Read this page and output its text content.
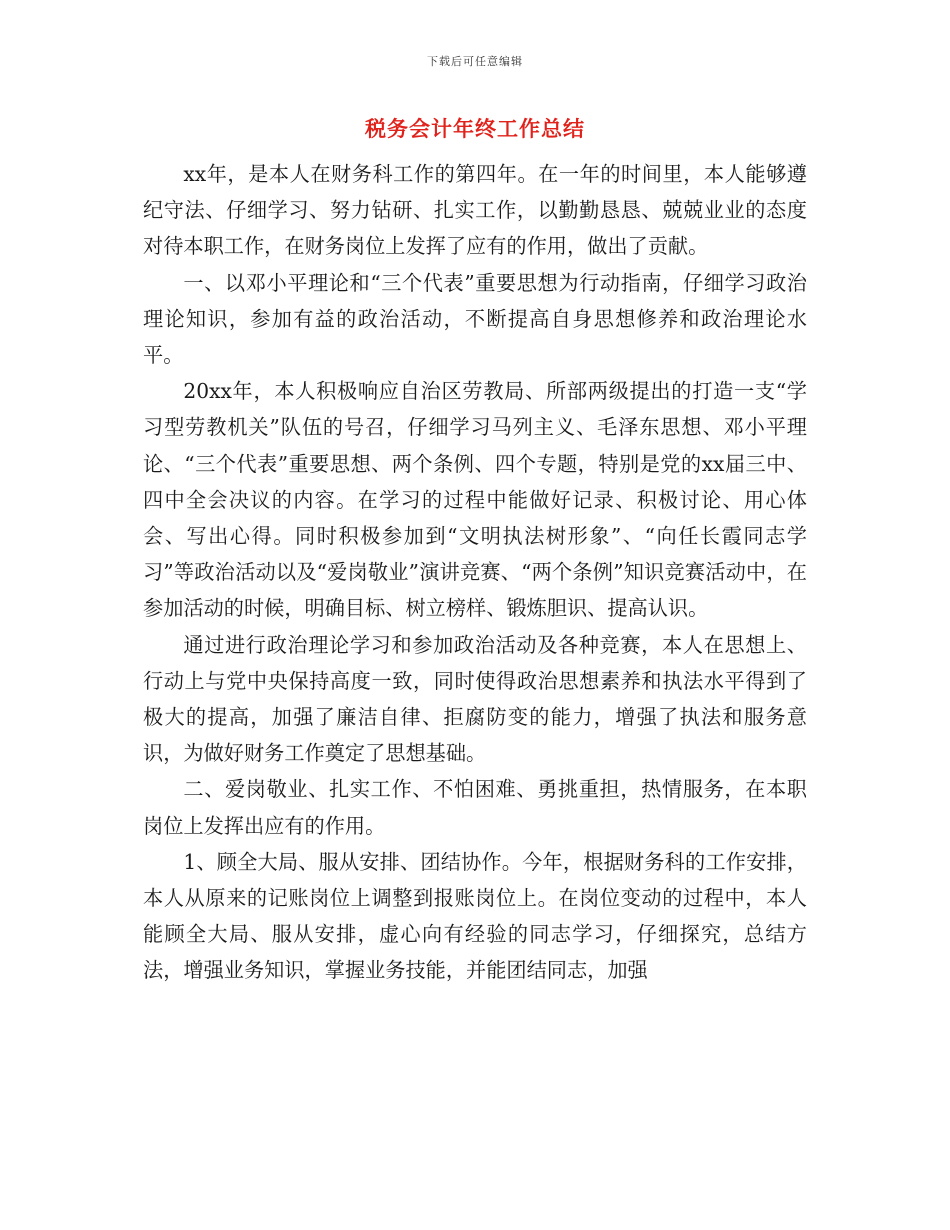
下载后可任意编辑
税务会计年终工作总结

xx年，是本人在财务科工作的第四年。在一年的时间里，本人能够遵纪守法、仔细学习、努力钻研、扎实工作，以勤勤恳恳、兢兢业业的态度对待本职工作，在财务岗位上发挥了应有的作用，做出了贡献。

一、以邓小平理论和“三个代表”重要思想为行动指南，仔细学习政治理论知识，参加有益的政治活动，不断提高自身思想修养和政治理论水平。

20xx年，本人积极响应自治区劳教局、所部两级提出的打造一支“学习型劳教机关”队伍的号召，仔细学习马列主义、毛泽东思想、邓小平理论、“三个代表”重要思想、两个条例、四个专题，特别是党的xx届三中、四中全会决议的内容。在学习的过程中能做好记录、积极讨论、用心体会、写出心得。同时积极参加到“文明执法树形象”、“向任长霞同志学习”等政治活动以及“爱岗敬业”演讲竞赛、“两个条例”知识竞赛活动中，在参加活动的时候，明确目标、树立榜样、锻炼胆识、提高认识。

通过进行政治理论学习和参加政治活动及各种竞赛，本人在思想上、行动上与党中央保持高度一致，同时使得政治思想素养和执法水平得到了极大的提高，加强了廉洁自律、拒腐防变的能力，增强了执法和服务意识，为做好财务工作奠定了思想基础。

二、爱岗敬业、扎实工作、不怕困难、勇挑重担，热情服务，在本职岗位上发挥出应有的作用。

1、顾全大局、服从安排、团结协作。今年，根据财务科的工作安排，本人从原来的记账岗位上调整到报账岗位上。在岗位变动的过程中，本人能顾全大局、服从安排，虚心向有经验的同志学习，仔细探究，总结方法，增强业务知识，掌握业务技能，并能团结同志，加强
